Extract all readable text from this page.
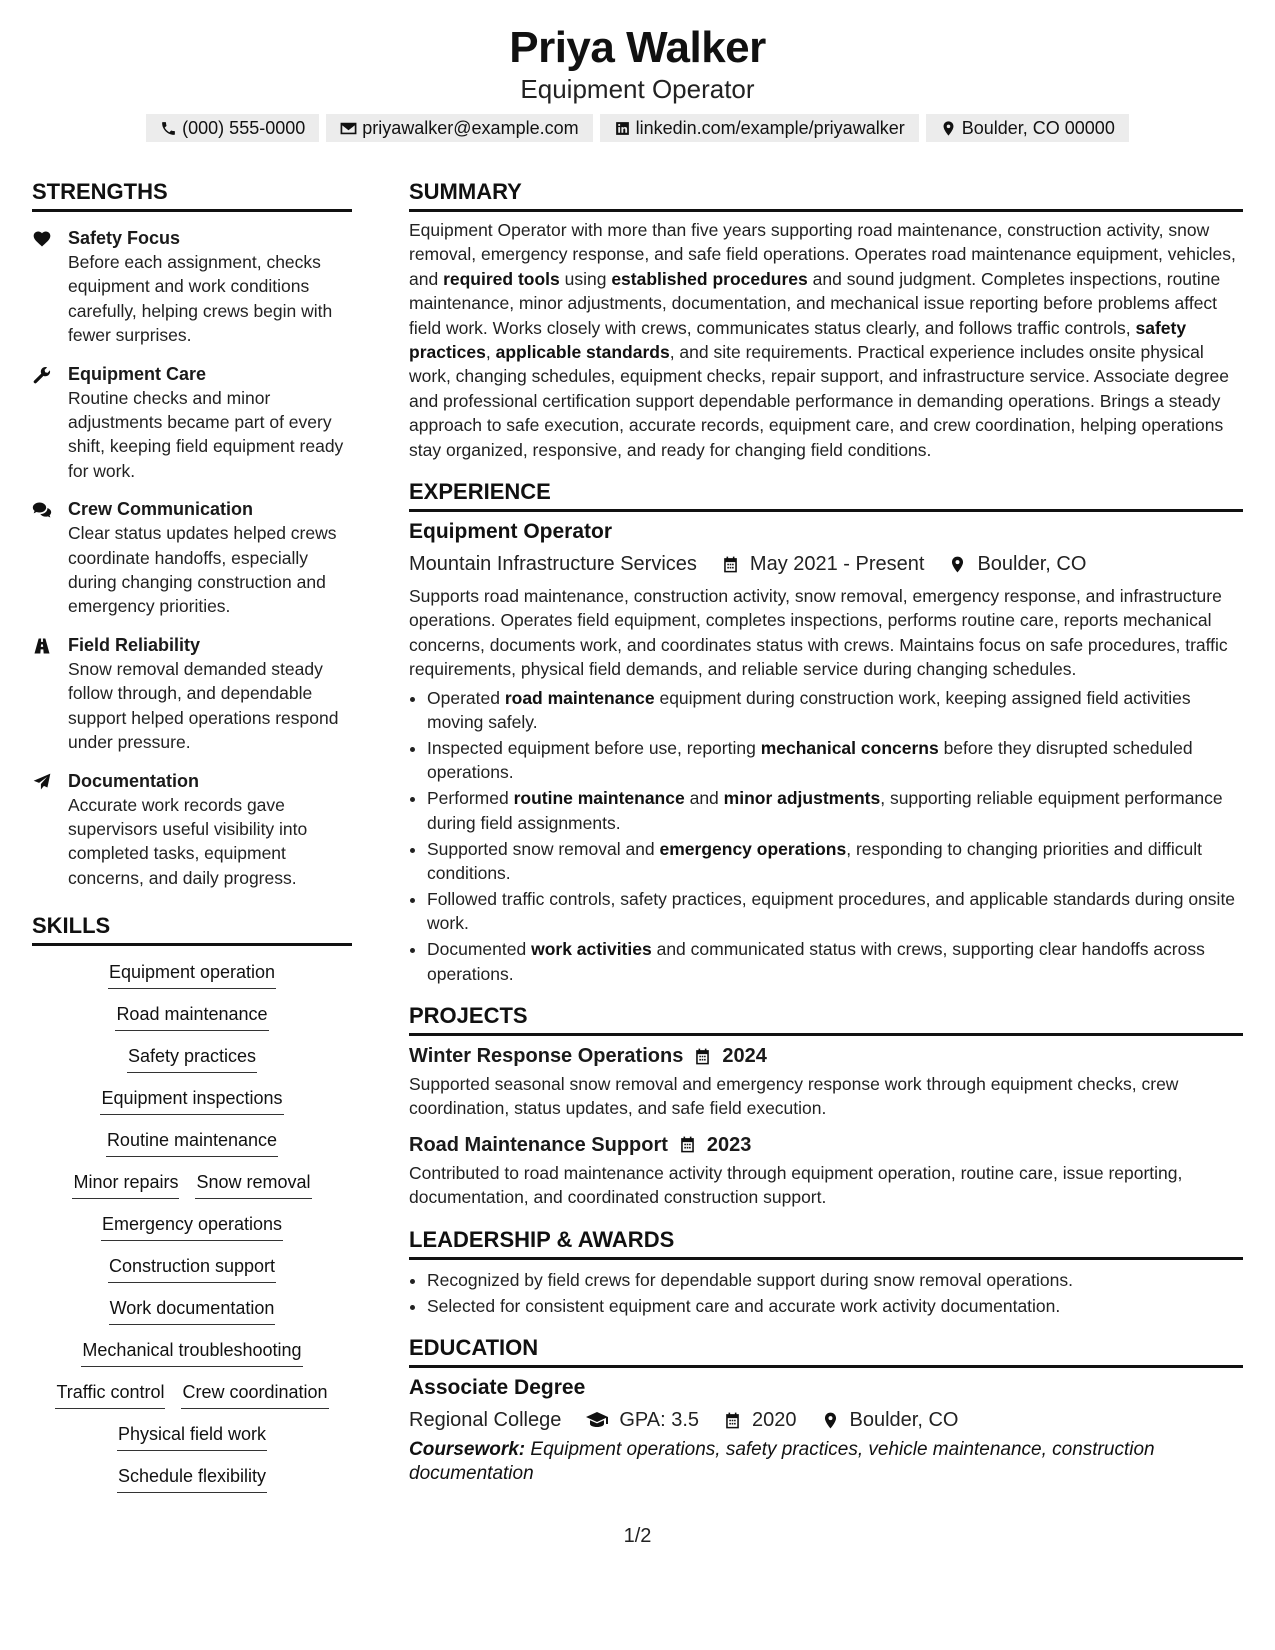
Priya Walker
Equipment Operator
(000) 555-0000	priyawalker@example.com	linkedin.com/example/priyawalker	Boulder, CO 00000
STRENGTHS
Safety Focus
Before each assignment, checks equipment and work conditions carefully, helping crews begin with fewer surprises.
Equipment Care
Routine checks and minor adjustments became part of every shift, keeping field equipment ready for work.
Crew Communication
Clear status updates helped crews coordinate handoffs, especially during changing construction and emergency priorities.
Field Reliability
Snow removal demanded steady follow through, and dependable support helped operations respond under pressure.
Documentation
Accurate work records gave supervisors useful visibility into completed tasks, equipment concerns, and daily progress.
SKILLS
Equipment operation
Road maintenance
Safety practices
Equipment inspections
Routine maintenance
Minor repairs Snow removal
Emergency operations
Construction support
Work documentation
Mechanical troubleshooting
Traffic control Crew coordination
Physical field work
Schedule flexibility
SUMMARY
Equipment Operator with more than five years supporting road maintenance, construction activity, snow removal, emergency response, and safe field operations. Operates road maintenance equipment, vehicles, and required tools using established procedures and sound judgment. Completes inspections, routine maintenance, minor adjustments, documentation, and mechanical issue reporting before problems affect field work. Works closely with crews, communicates status clearly, and follows traffic controls, safety practices, applicable standards, and site requirements. Practical experience includes onsite physical work, changing schedules, equipment checks, repair support, and infrastructure service. Associate degree and professional certification support dependable performance in demanding operations. Brings a steady approach to safe execution, accurate records, equipment care, and crew coordination, helping operations stay organized, responsive, and ready for changing field conditions.
EXPERIENCE
Equipment Operator
Mountain Infrastructure Services	May 2021 - Present	Boulder, CO
Supports road maintenance, construction activity, snow removal, emergency response, and infrastructure operations. Operates field equipment, completes inspections, performs routine care, reports mechanical concerns, documents work, and coordinates status with crews. Maintains focus on safe procedures, traffic requirements, physical field demands, and reliable service during changing schedules.
• Operated road maintenance equipment during construction work, keeping assigned field activities moving safely.
• Inspected equipment before use, reporting mechanical concerns before they disrupted scheduled operations.
• Performed routine maintenance and minor adjustments, supporting reliable equipment performance during field assignments.
• Supported snow removal and emergency operations, responding to changing priorities and difficult conditions.
• Followed traffic controls, safety practices, equipment procedures, and applicable standards during onsite work.
• Documented work activities and communicated status with crews, supporting clear handoffs across operations.
PROJECTS
Winter Response Operations 2024
Supported seasonal snow removal and emergency response work through equipment checks, crew coordination, status updates, and safe field execution.
Road Maintenance Support 2023
Contributed to road maintenance activity through equipment operation, routine care, issue reporting, documentation, and coordinated construction support.
LEADERSHIP & AWARDS
• Recognized by field crews for dependable support during snow removal operations.
• Selected for consistent equipment care and accurate work activity documentation.
EDUCATION
Associate Degree
Regional College	GPA: 3.5	2020	Boulder, CO
Coursework: Equipment operations, safety practices, vehicle maintenance, construction documentation
1/2
